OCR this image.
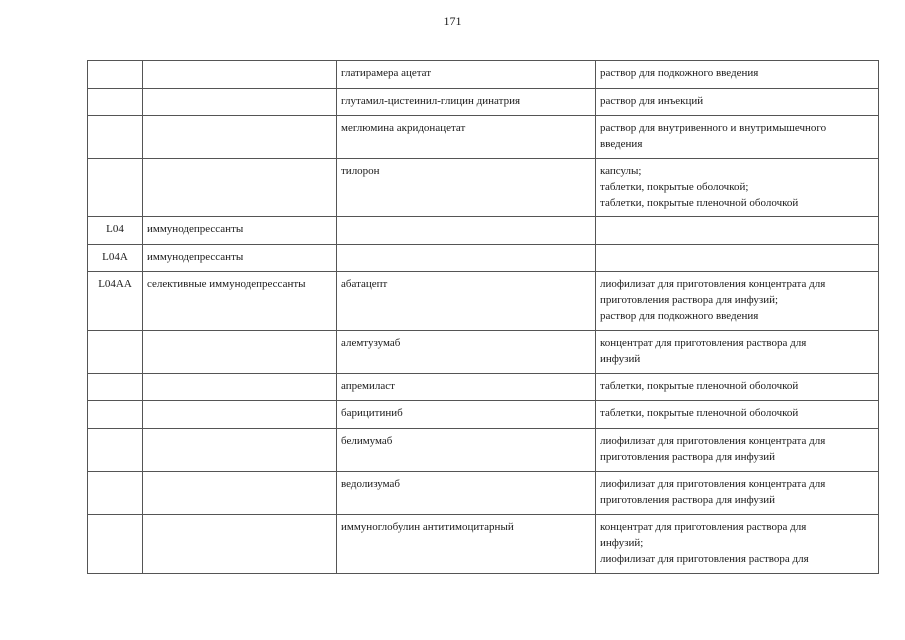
171
		глатирамера ацетат	раствор для подкожного введения

		глутамил-цистеинил-глицин динатрия	раствор для инъекций

		меглюмина акридонацетат	раствор для внутривенного и внутримышечного
введения

		тилорон	капсулы;
таблетки, покрытые оболочкой;
таблетки, покрытые пленочной оболочкой

L04	иммунодепрессанты		

L04A	иммунодепрессанты		

L04AA	селективные иммунодепрессанты	абатацепт	лиофилизат для приготовления концентрата для
приготовления раствора для инфузий;
раствор для подкожного введения

		алемтузумаб	концентрат для приготовления раствора для
инфузий

		апремиласт	таблетки, покрытые пленочной оболочкой

		барицитиниб	таблетки, покрытые пленочной оболочкой

		белимумаб	лиофилизат для приготовления концентрата для
приготовления раствора для инфузий

		ведолизумаб	лиофилизат для приготовления концентрата для
приготовления раствора для инфузий

		иммуноглобулин антитимоцитарный	концентрат для приготовления раствора для
инфузий;
лиофилизат для приготовления раствора для
